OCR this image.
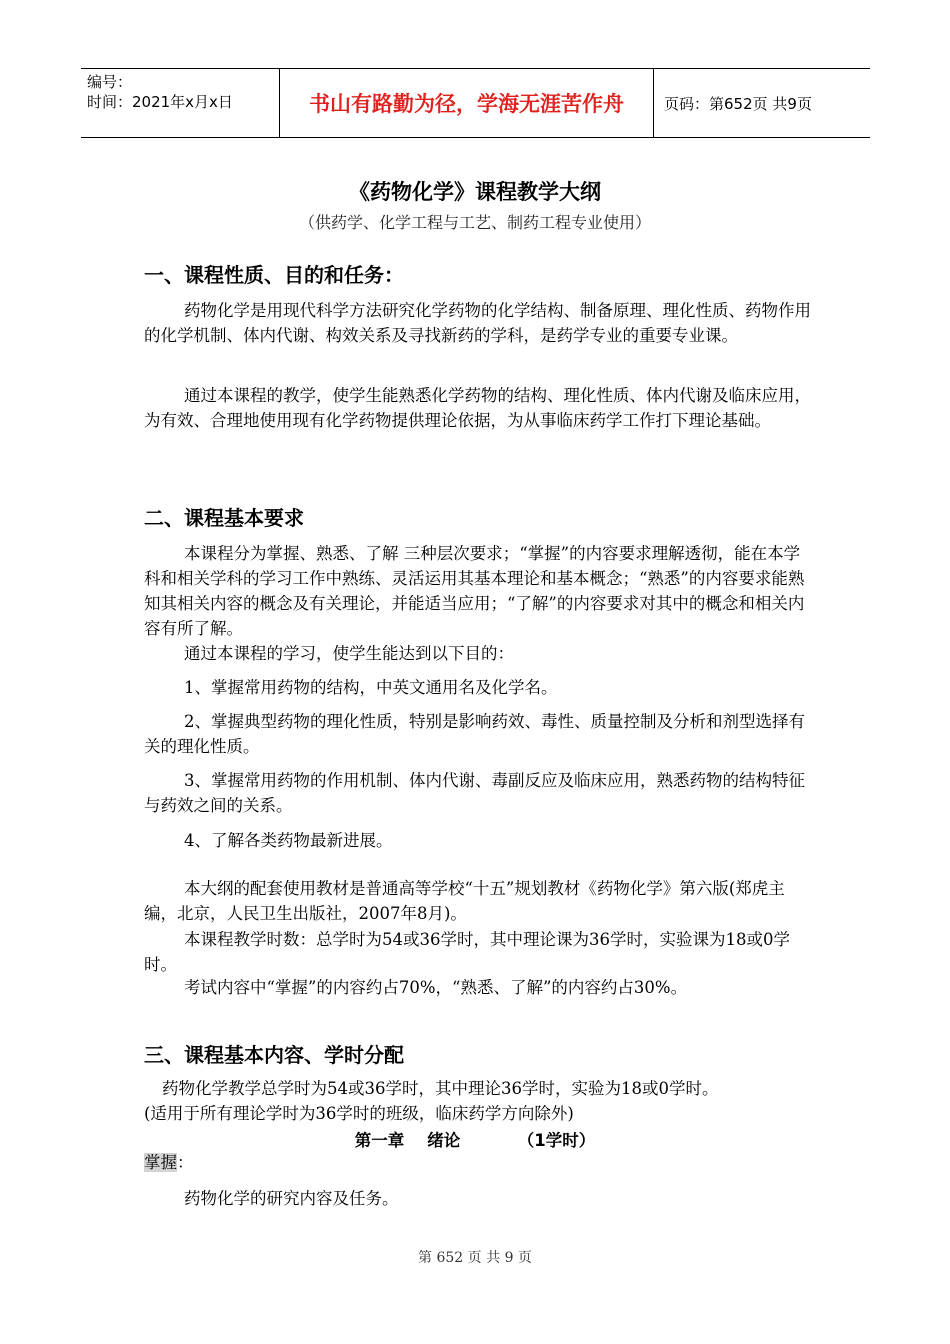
编号：
时间：2021年x月x日	书山有路勤为径，学海无涯苦作舟	页码：第652页 共9页
《药物化学》课程教学大纲
（供药学、化学工程与工艺、制药工程专业使用）
一、课程性质、目的和任务：
药物化学是用现代科学方法研究化学药物的化学结构、制备原理、理化性质、药物作用的化学机制、体内代谢、构效关系及寻找新药的学科，是药学专业的重要专业课。
通过本课程的教学，使学生能熟悉化学药物的结构、理化性质、体内代谢及临床应用，为有效、合理地使用现有化学药物提供理论依据，为从事临床药学工作打下理论基础。
二、课程基本要求
本课程分为掌握、熟悉、了解 三种层次要求；“掌握”的内容要求理解透彻，能在本学科和相关学科的学习工作中熟练、灵活运用其基本理论和基本概念；“熟悉”的内容要求能熟知其相关内容的概念及有关理论，并能适当应用；“了解”的内容要求对其中的概念和相关内容有所了解。
通过本课程的学习，使学生能达到以下目的：
1、掌握常用药物的结构，中英文通用名及化学名。
2、掌握典型药物的理化性质，特别是影响药效、毒性、质量控制及分析和剂型选择有关的理化性质。
3、掌握常用药物的作用机制、体内代谢、毒副反应及临床应用，熟悉药物的结构特征与药效之间的关系。
4、了解各类药物最新进展。
本大纲的配套使用教材是普通高等学校“十五”规划教材《药物化学》第六版(郑虎主编，北京，人民卫生出版社，2007年8月)。
本课程教学时数：总学时为54或36学时，其中理论课为36学时，实验课为18或0学时。
考试内容中“掌握”的内容约占70%，“熟悉、了解”的内容约占30%。
三、课程基本内容、学时分配
药物化学教学总学时为54或36学时，其中理论36学时，实验为18或0学时。
(适用于所有理论学时为36学时的班级，临床药学方向除外)
第一章    绪论          （1学时）
掌握：
药物化学的研究内容及任务。
第 652 页 共 9 页
